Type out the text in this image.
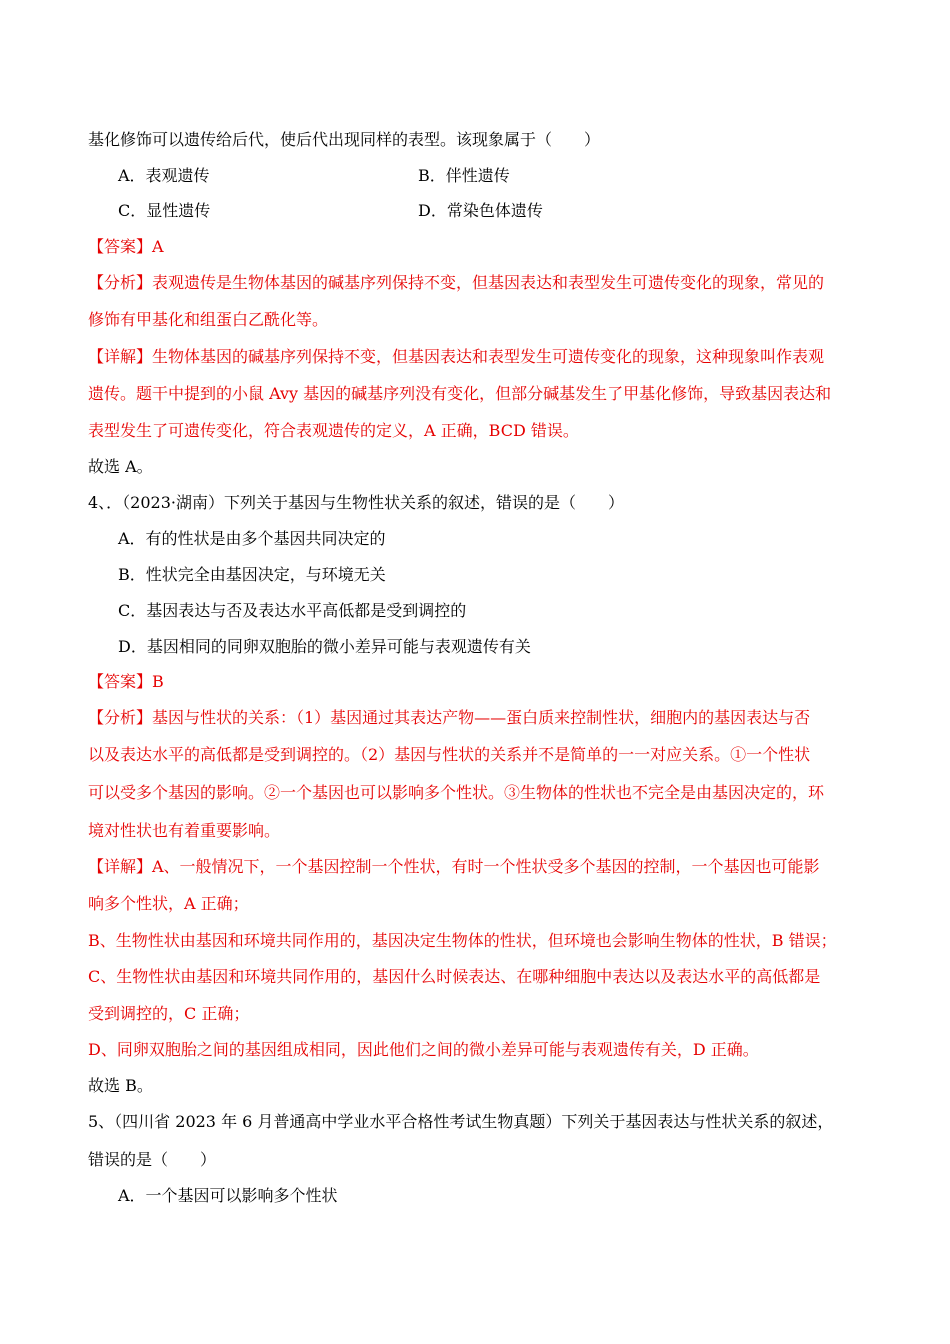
基化修饰可以遗传给后代，使后代出现同样的表型。该现象属于（　　）
A．表观遗传	B．伴性遗传
C．显性遗传	D．常染色体遗传
【答案】A
【分析】表观遗传是生物体基因的碱基序列保持不变，但基因表达和表型发生可遗传变化的现象，常见的
修饰有甲基化和组蛋白乙酰化等。
【详解】生物体基因的碱基序列保持不变，但基因表达和表型发生可遗传变化的现象，这种现象叫作表观
遗传。题干中提到的小鼠 Avy 基因的碱基序列没有变化，但部分碱基发生了甲基化修饰，导致基因表达和
表型发生了可遗传变化，符合表观遗传的定义，A 正确，BCD 错误。
故选 A。
4、．（2023·湖南）下列关于基因与生物性状关系的叙述，错误的是（　　）
A．有的性状是由多个基因共同决定的
B．性状完全由基因决定，与环境无关
C．基因表达与否及表达水平高低都是受到调控的
D．基因相同的同卵双胞胎的微小差异可能与表观遗传有关
【答案】B
【分析】基因与性状的关系：（1）基因通过其表达产物——蛋白质来控制性状，细胞内的基因表达与否
以及表达水平的高低都是受到调控的。（2）基因与性状的关系并不是简单的一一对应关系。①一个性状
可以受多个基因的影响。②一个基因也可以影响多个性状。③生物体的性状也不完全是由基因决定的，环
境对性状也有着重要影响。
【详解】A、一般情况下，一个基因控制一个性状，有时一个性状受多个基因的控制，一个基因也可能影
响多个性状，A 正确；
B、生物性状由基因和环境共同作用的，基因决定生物体的性状，但环境也会影响生物体的性状，B 错误；
C、生物性状由基因和环境共同作用的，基因什么时候表达、在哪种细胞中表达以及表达水平的高低都是
受到调控的，C 正确；
D、同卵双胞胎之间的基因组成相同，因此他们之间的微小差异可能与表观遗传有关，D 正确。
故选 B。
5、（四川省 2023 年 6 月普通高中学业水平合格性考试生物真题）下列关于基因表达与性状关系的叙述，
错误的是（　　）
A．一个基因可以影响多个性状
